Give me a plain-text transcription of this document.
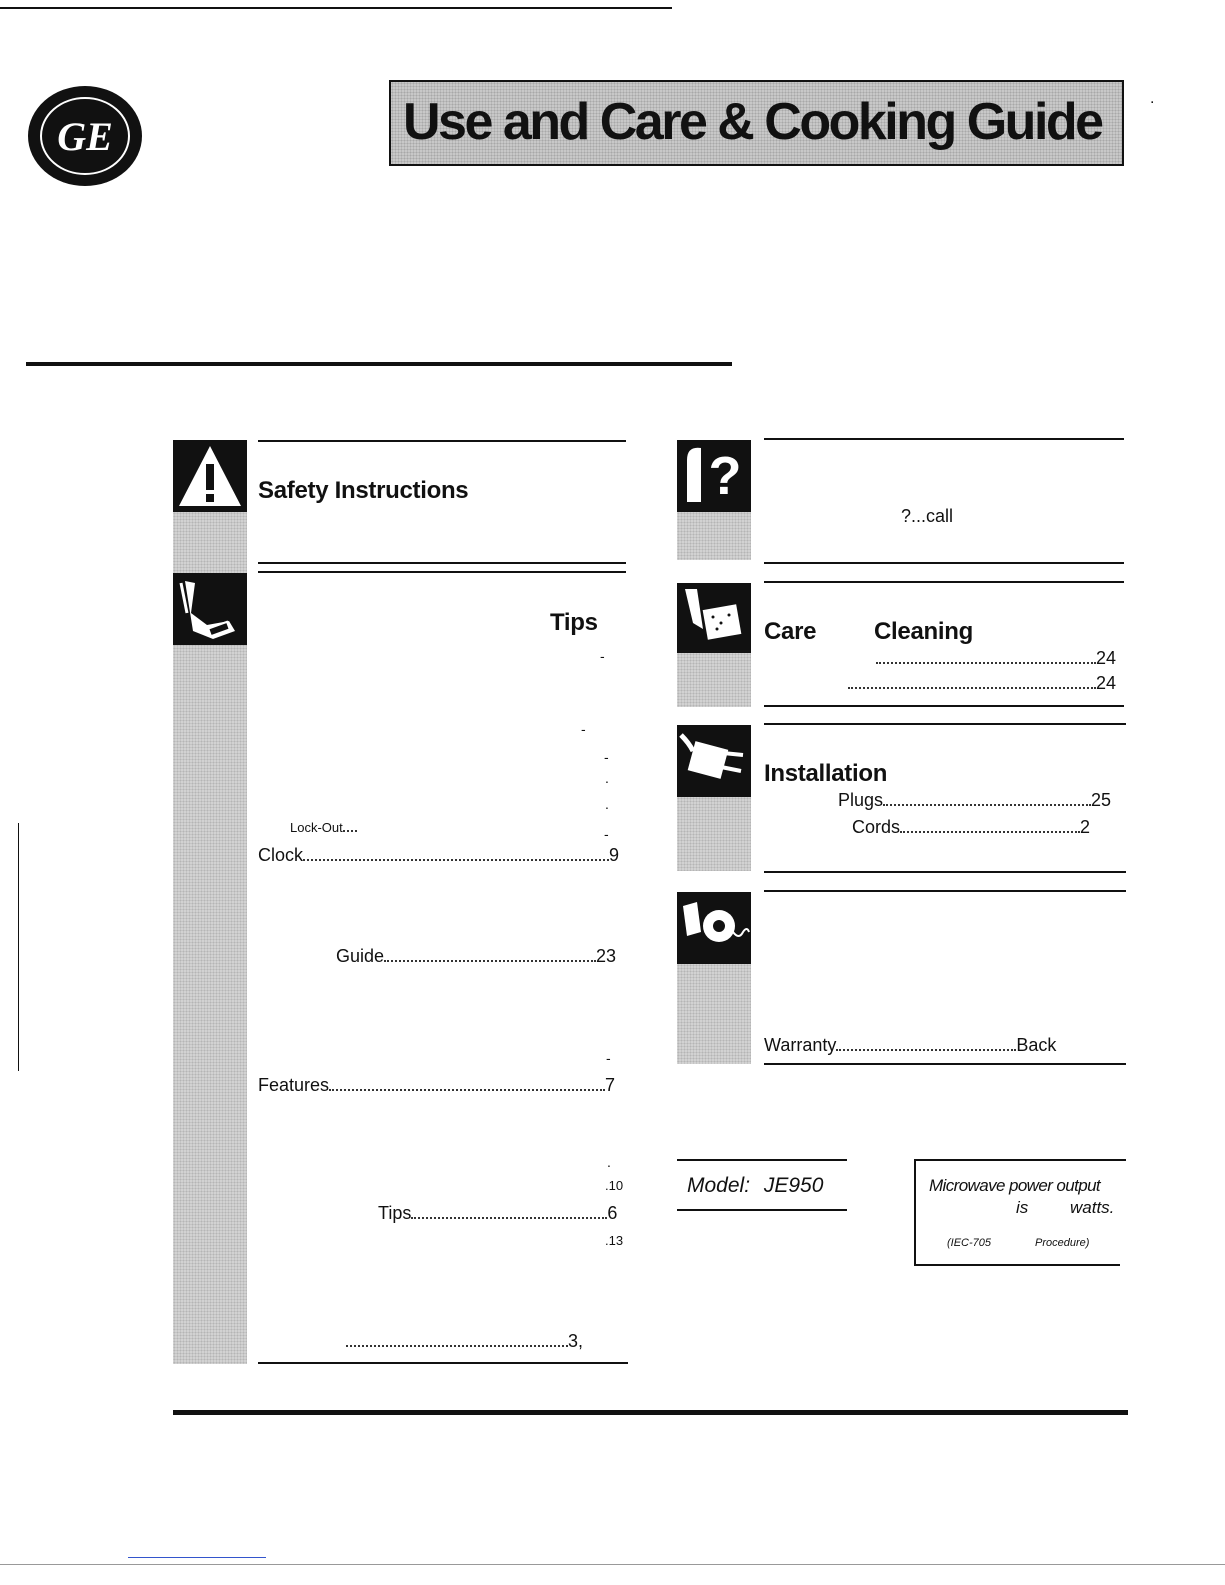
GE	Use and Care & Cooking Guide	.
Safety Instructions
Tips
-
-
-
.
.
-
Lock-Out
Clock	9
Guide	23
-
Features	7
.
.10
Tips	6
.13
3,
?
?...call
Care Cleaning
24
24
Installation
Plugs	25
Cords	2
Warranty	Back
Model: JE950	Microwave power output
is watts.
(IEC-705	Procedure)
